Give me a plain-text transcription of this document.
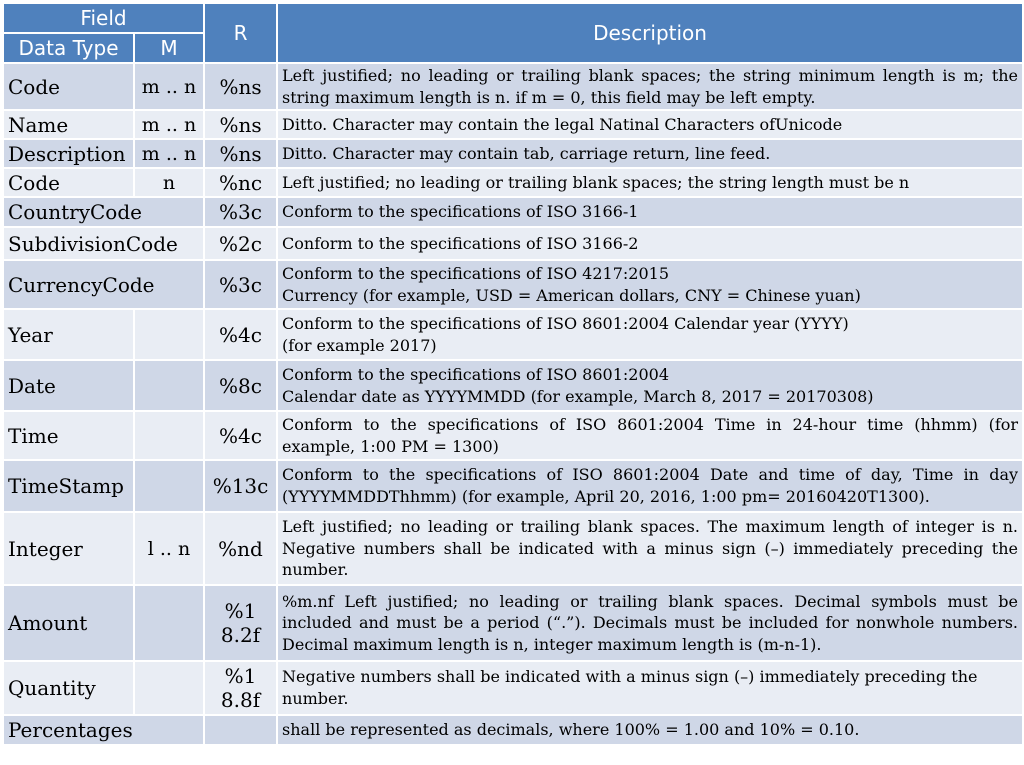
Field		R	Description
Data Type	M		
Code	m .. n	%ns	Left justified; no leading or trailing blank spaces; the string minimum length is m; the string maximum length is n. if m = 0, this field may be left empty.

Name	m .. n	%ns	Ditto. Character may contain the legal Natinal Characters ofUnicode

Description	m .. n	%ns	Ditto. Character may contain tab, carriage return, line feed.

Code	n	%nc	Left justified; no leading or trailing blank spaces; the string length must be n

CountryCode		%3c	Conform to the specifications of ISO 3166-1

SubdivisionCode		%2c	Conform to the specifications of ISO 3166-2

CurrencyCode		%3c	Conform to the specifications of ISO 4217:2015
Currency (for example, USD = American dollars, CNY = Chinese yuan)

Year		%4c	Conform to the specifications of ISO 8601:2004 Calendar year (YYYY)
(for example 2017)

Date		%8c	Conform to the specifications of ISO 8601:2004
Calendar date as YYYYMMDD (for example, March 8, 2017 = 20170308)

Time		%4c	Conform to the specifications of ISO 8601:2004 Time in 24-hour time (hhmm) (for example, 1:00 PM = 1300)

TimeStamp		%13c	Conform to the specifications of ISO 8601:2004 Date and time of day, Time in day (YYYYMMDDThhmm) (for example, April 20, 2016, 1:00 pm= 20160420T1300).

Integer	l .. n	%nd	Left justified; no leading or trailing blank spaces. The maximum length of integer is n. Negative numbers shall be indicated with a minus sign (–) immediately preceding the number.

Amount		%18.2f	%m.nf Left justified; no leading or trailing blank spaces. Decimal symbols must be included and must be a period (“.”). Decimals must be included for nonwhole numbers. Decimal maximum length is n, integer maximum length is (m-n-1).

Quantity		%18.8f	Negative numbers shall be indicated with a minus sign (–) immediately preceding the number.

Percentages			shall be represented as decimals, where 100% = 1.00 and 10% = 0.10.
